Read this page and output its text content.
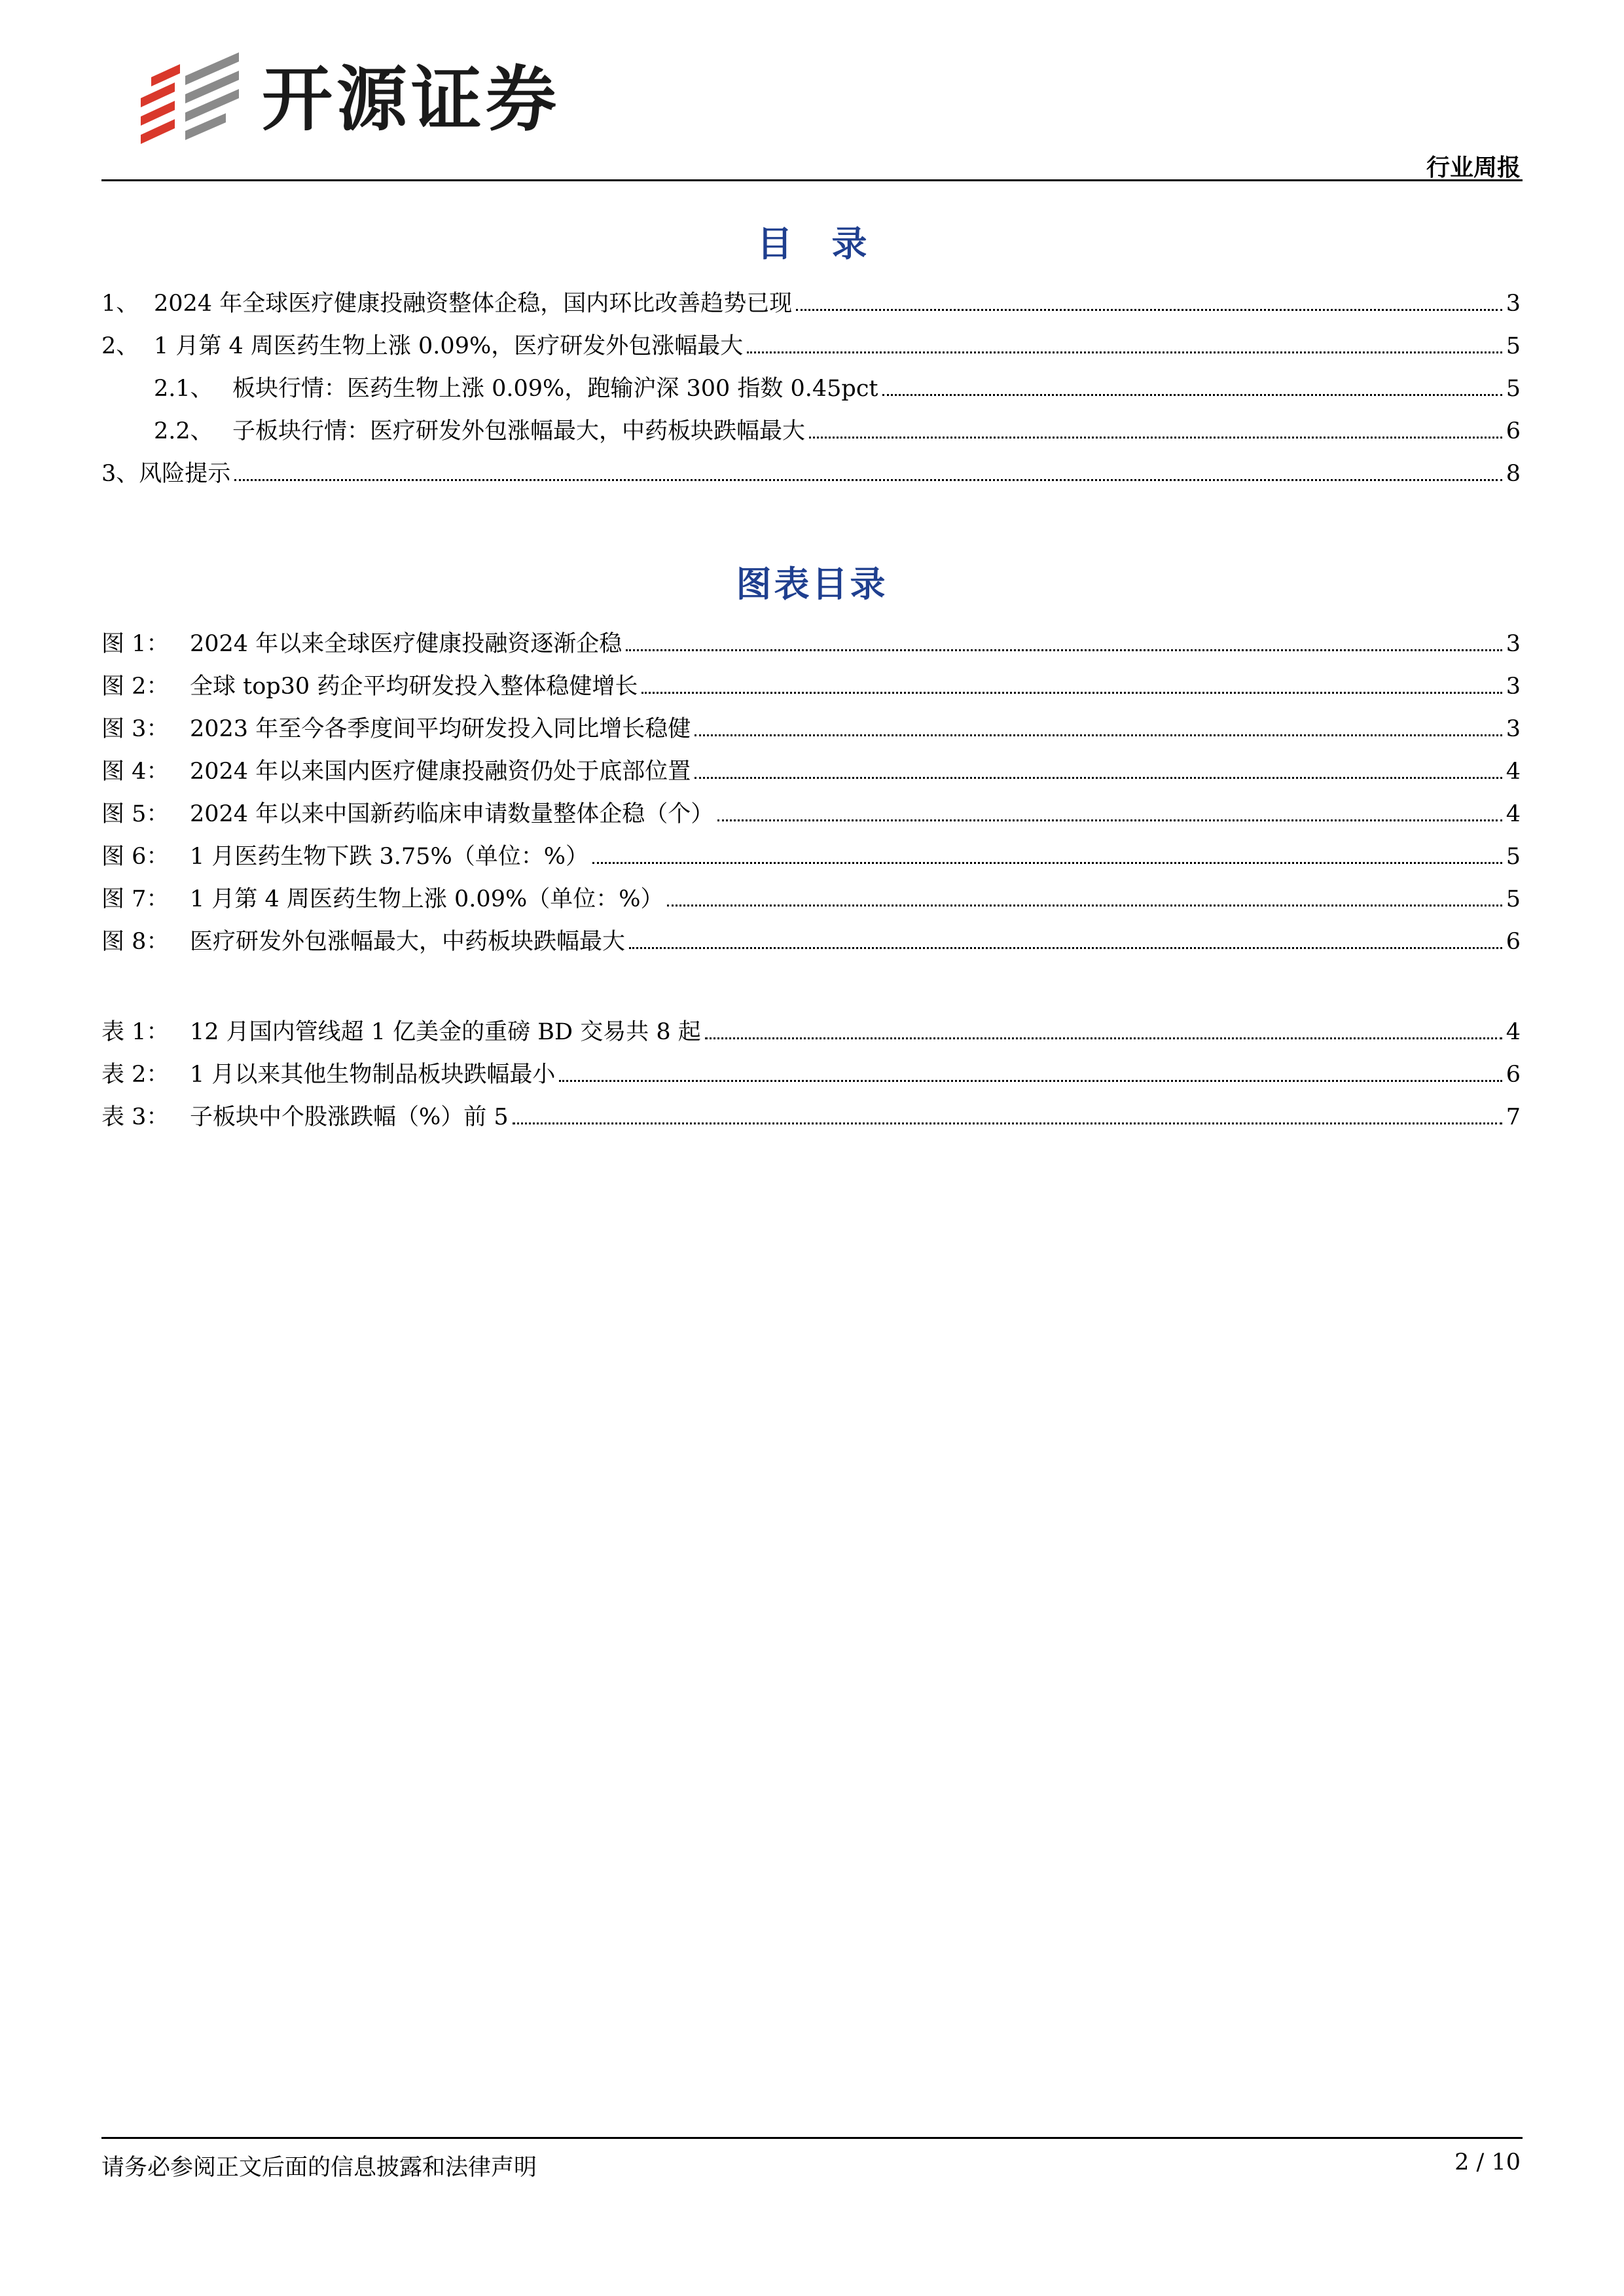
开源证券
行业周报
目录
1、 2024 年全球医疗健康投融资整体企稳，国内环比改善趋势已现	3
2、 1 月第 4 周医药生物上涨 0.09%，医疗研发外包涨幅最大	5
2.1、 板块行情：医药生物上涨 0.09%，跑输沪深 300 指数 0.45pct	5
2.2、 子板块行情：医疗研发外包涨幅最大，中药板块跌幅最大	6
3、 风险提示	8
图表目录
图 1： 2024 年以来全球医疗健康投融资逐渐企稳	3
图 2： 全球 top30 药企平均研发投入整体稳健增长	3
图 3： 2023 年至今各季度间平均研发投入同比增长稳健	3
图 4： 2024 年以来国内医疗健康投融资仍处于底部位置	4
图 5： 2024 年以来中国新药临床申请数量整体企稳（个）	4
图 6： 1 月医药生物下跌 3.75%（单位：%）	5
图 7： 1 月第 4 周医药生物上涨 0.09%（单位：%）	5
图 8： 医疗研发外包涨幅最大，中药板块跌幅最大	6
表 1： 12 月国内管线超 1 亿美金的重磅 BD 交易共 8 起	4
表 2： 1 月以来其他生物制品板块跌幅最小	6
表 3： 子板块中个股涨跌幅（%）前 5	7
请务必参阅正文后面的信息披露和法律声明	2 / 10
